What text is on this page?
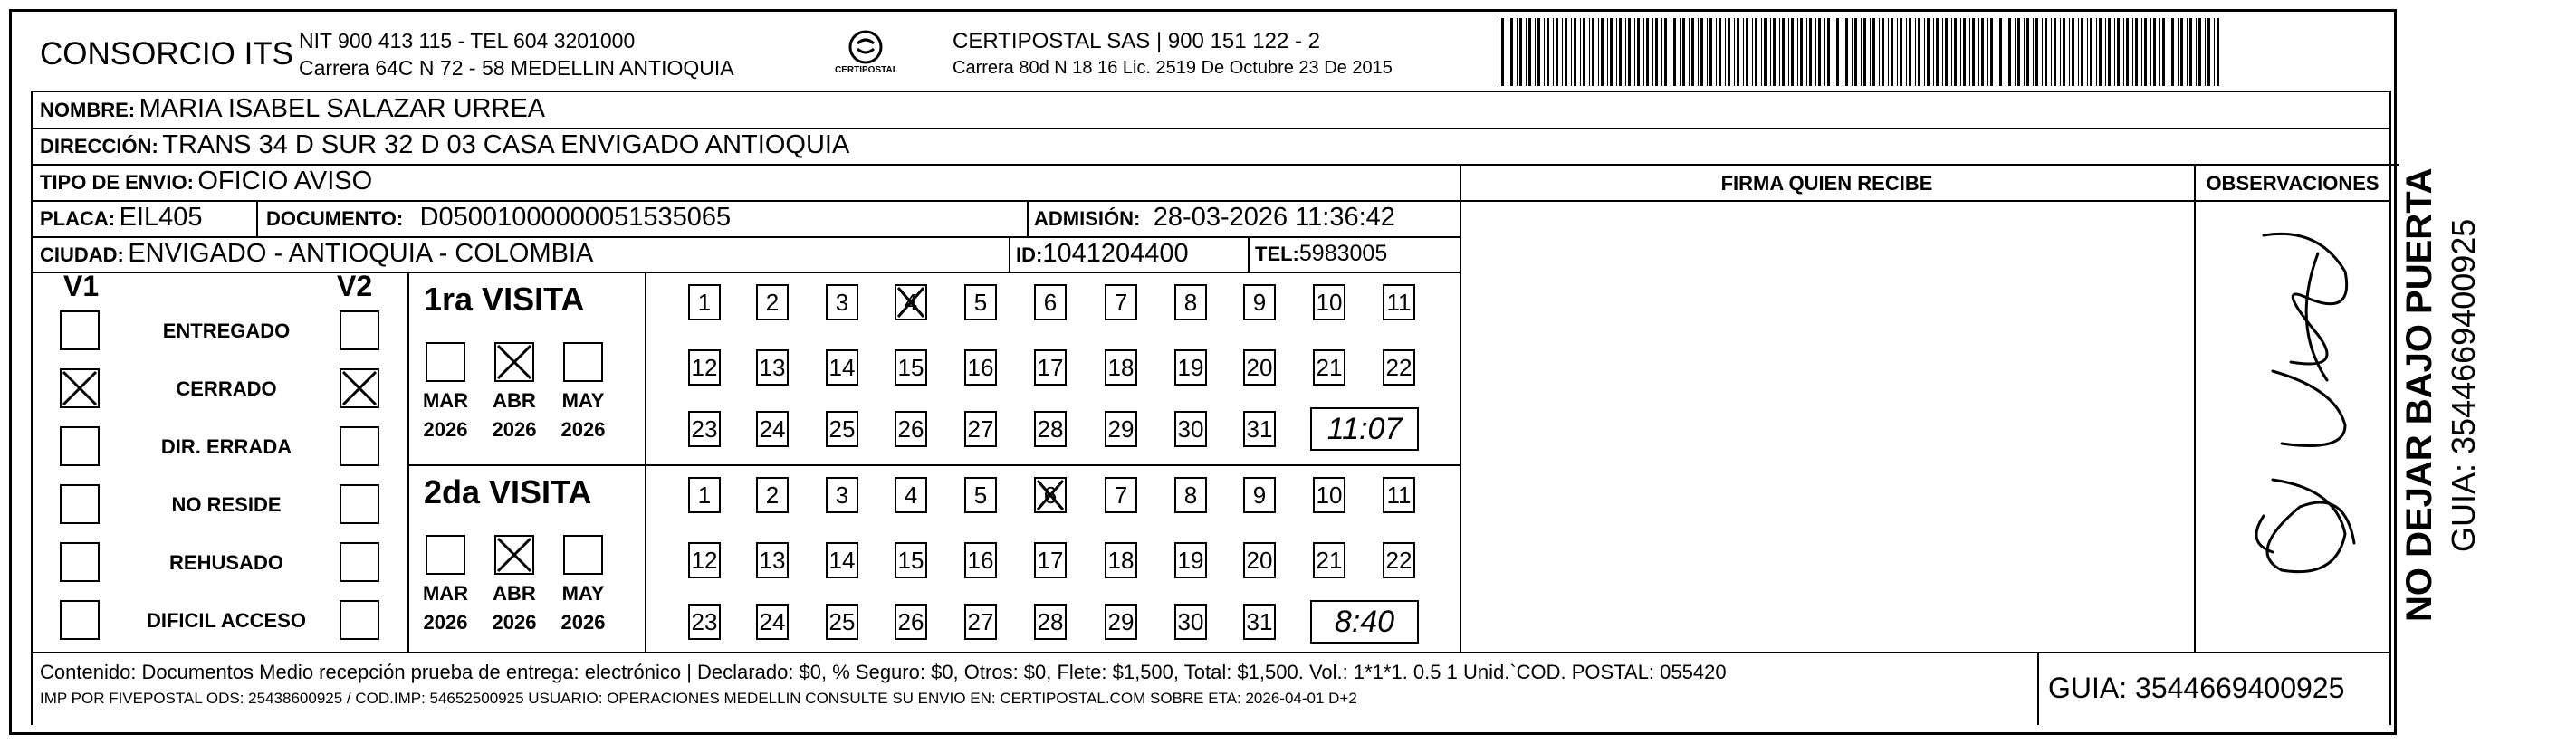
CONSORCIO ITS NIT 900 413 115 - TEL 604 3201000
Carrera 64C N 72 - 58 MEDELLIN ANTIOQUIA	CERTIPOSTAL
CERTIPOSTAL SAS | 900 151 122 - 2
Carrera 80d N 18 16 Lic. 2519 De Octubre 23 De 2015
NOMBRE: MARIA ISABEL SALAZAR URREA
DIRECCIÓN: TRANS 34 D SUR 32 D 03 CASA ENVIGADO ANTIOQUIA
TIPO DE ENVIO: OFICIO AVISO	FIRMA QUIEN RECIBE	OBSERVACIONES
PLACA: EIL405	DOCUMENTO: D05001000000051535065	ADMISIÓN: 28-03-2026 11:36:42
CIUDAD: ENVIGADO - ANTIOQUIA - COLOMBIA	ID:1041204400	TEL:5983005
V1	V2	NO DEJAR BAJO PUERTA GUIA: 3544669400925
Contenido: Documentos Medio recepción prueba de entrega: electrónico | Declarado: $0, % Seguro: $0, Otros: $0, Flete: $1,500, Total: $1,500. Vol.: 1*1*1. 0.5 1 Unid.`COD. POSTAL: 055420
IMP POR FIVEPOSTAL ODS: 25438600925 / COD.IMP: 54652500925 USUARIO: OPERACIONES MEDELLIN CONSULTE SU ENVIO EN: CERTIPOSTAL.COM SOBRE ETA: 2026-04-01 D+2	GUIA: 3544669400925
ENTREGADO
CERRADO
DIR. ERRADA
NO RESIDE
REHUSADO
DIFICIL ACCESO
1ra VISITA
MAR
2026
ABR
2026
MAY
2026
1	2	3	4	5	6	7	8	9	10 11
12 13 14 15 16 17 18 19 20 21 22
23 24 25 26 27 28 29 30 31	11:07
2da VISITA
MAR
2026
ABR
2026
MAY
2026
1	2	3	4	5	6	7	8	9	10 11
12 13 14 15 16 17 18 19 20 21 22
23 24 25 26 27 28 29 30 31	8:40
